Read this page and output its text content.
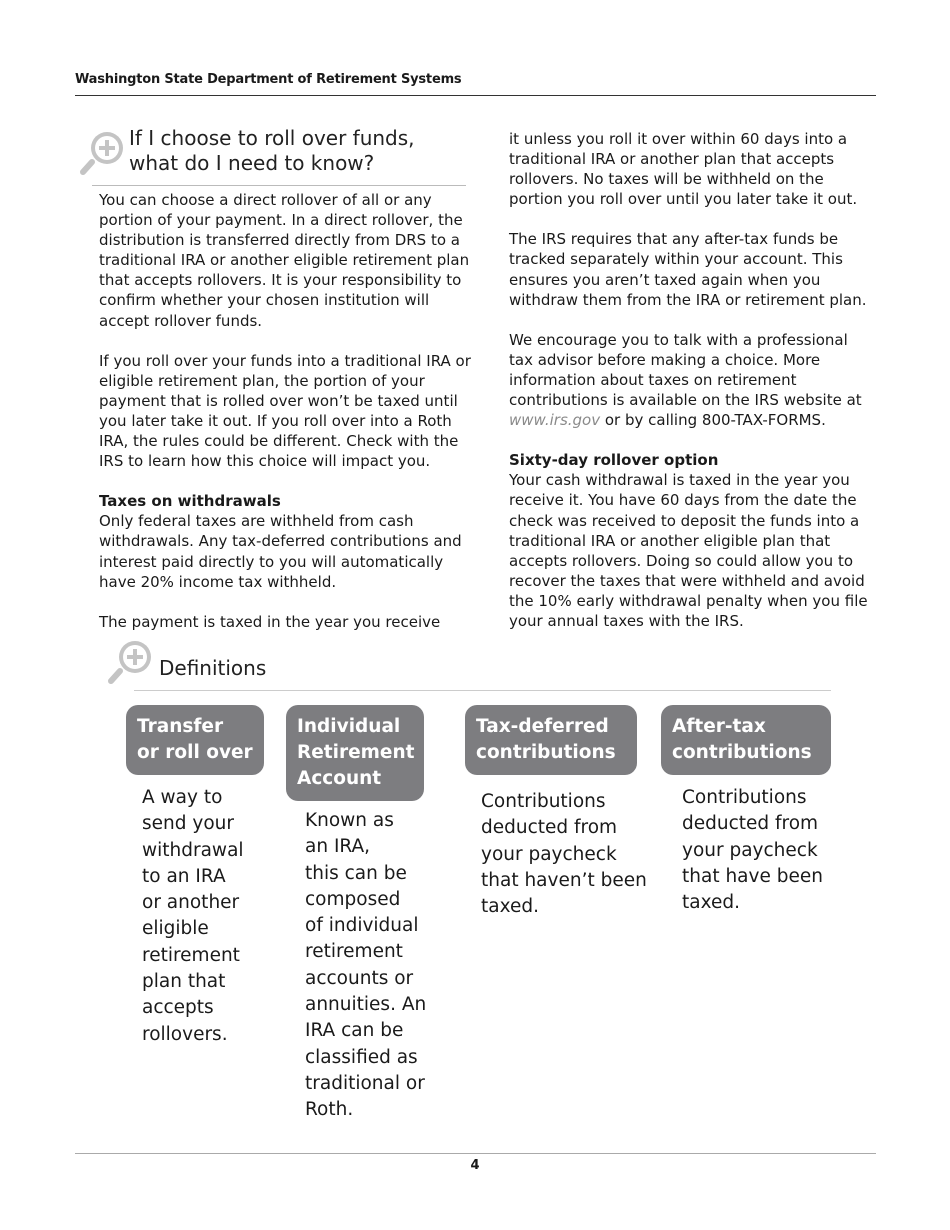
Washington State Department of Retirement Systems
If I choose to roll over funds,
what do I need to know?

You can choose a direct rollover of all or any portion of your payment. In a direct rollover, the distribution is transferred directly from DRS to a traditional IRA or another eligible retirement plan that accepts rollovers. It is your responsibility to confirm whether your chosen institution will accept rollover funds.

If you roll over your funds into a traditional IRA or eligible retirement plan, the portion of your payment that is rolled over won’t be taxed until you later take it out. If you roll over into a Roth IRA, the rules could be different. Check with the IRS to learn how this choice will impact you.

Taxes on withdrawals
Only federal taxes are withheld from cash withdrawals. Any tax-deferred contributions and interest paid directly to you will automatically have 20% income tax withheld.

The payment is taxed in the year you receive

it unless you roll it over within 60 days into a traditional IRA or another plan that accepts rollovers. No taxes will be withheld on the portion you roll over until you later take it out.

The IRS requires that any after-tax funds be tracked separately within your account. This ensures you aren’t taxed again when you withdraw them from the IRA or retirement plan.

We encourage you to talk with a professional tax advisor before making a choice. More information about taxes on retirement contributions is available on the IRS website at www.irs.gov or by calling 800-TAX-FORMS.

Sixty-day rollover option
Your cash withdrawal is taxed in the year you receive it. You have 60 days from the date the check was received to deposit the funds into a traditional IRA or another eligible plan that accepts rollovers. Doing so could allow you to recover the taxes that were withheld and avoid the 10% early withdrawal penalty when you file your annual taxes with the IRS.

Definitions
Transfer
or roll over
A way to
send your
withdrawal
to an IRA
or another
eligible
retirement
plan that
accepts
rollovers.
Individual
Retirement
Account
Known as
an IRA,
this can be
composed
of individual
retirement
accounts or
annuities. An
IRA can be
classified as
traditional or
Roth.
Tax-deferred
contributions
Contributions
deducted from
your paycheck
that haven’t been
taxed.
After-tax
contributions
Contributions
deducted from
your paycheck
that have been
taxed.
4
